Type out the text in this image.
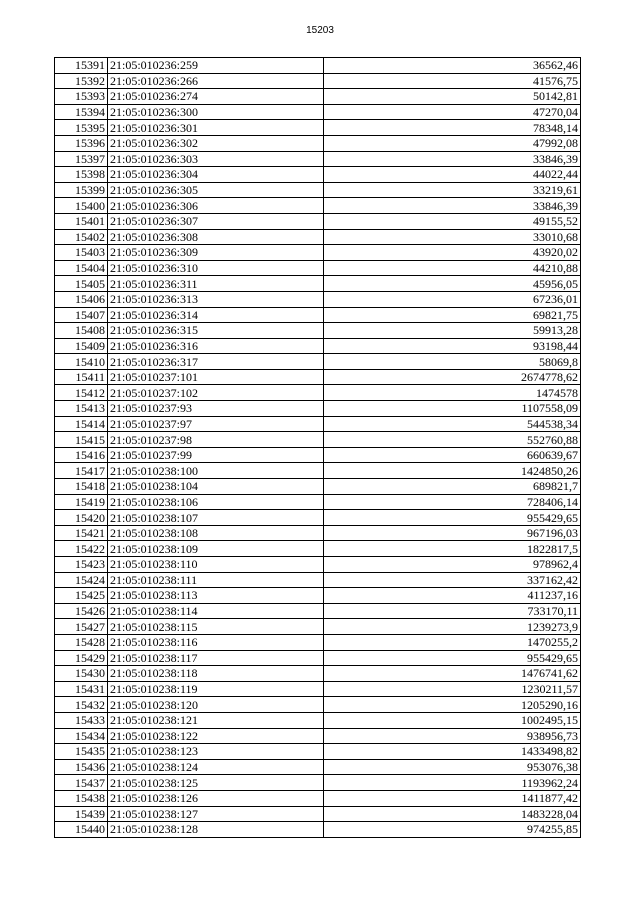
15203
15391	21:05:010236:259	36562,46
15392	21:05:010236:266	41576,75
15393	21:05:010236:274	50142,81
15394	21:05:010236:300	47270,04
15395	21:05:010236:301	78348,14
15396	21:05:010236:302	47992,08
15397	21:05:010236:303	33846,39
15398	21:05:010236:304	44022,44
15399	21:05:010236:305	33219,61
15400	21:05:010236:306	33846,39
15401	21:05:010236:307	49155,52
15402	21:05:010236:308	33010,68
15403	21:05:010236:309	43920,02
15404	21:05:010236:310	44210,88
15405	21:05:010236:311	45956,05
15406	21:05:010236:313	67236,01
15407	21:05:010236:314	69821,75
15408	21:05:010236:315	59913,28
15409	21:05:010236:316	93198,44
15410	21:05:010236:317	58069,8
15411	21:05:010237:101	2674778,62
15412	21:05:010237:102	1474578
15413	21:05:010237:93	1107558,09
15414	21:05:010237:97	544538,34
15415	21:05:010237:98	552760,88
15416	21:05:010237:99	660639,67
15417	21:05:010238:100	1424850,26
15418	21:05:010238:104	689821,7
15419	21:05:010238:106	728406,14
15420	21:05:010238:107	955429,65
15421	21:05:010238:108	967196,03
15422	21:05:010238:109	1822817,5
15423	21:05:010238:110	978962,4
15424	21:05:010238:111	337162,42
15425	21:05:010238:113	411237,16
15426	21:05:010238:114	733170,11
15427	21:05:010238:115	1239273,9
15428	21:05:010238:116	1470255,2
15429	21:05:010238:117	955429,65
15430	21:05:010238:118	1476741,62
15431	21:05:010238:119	1230211,57
15432	21:05:010238:120	1205290,16
15433	21:05:010238:121	1002495,15
15434	21:05:010238:122	938956,73
15435	21:05:010238:123	1433498,82
15436	21:05:010238:124	953076,38
15437	21:05:010238:125	1193962,24
15438	21:05:010238:126	1411877,42
15439	21:05:010238:127	1483228,04
15440	21:05:010238:128	974255,85
